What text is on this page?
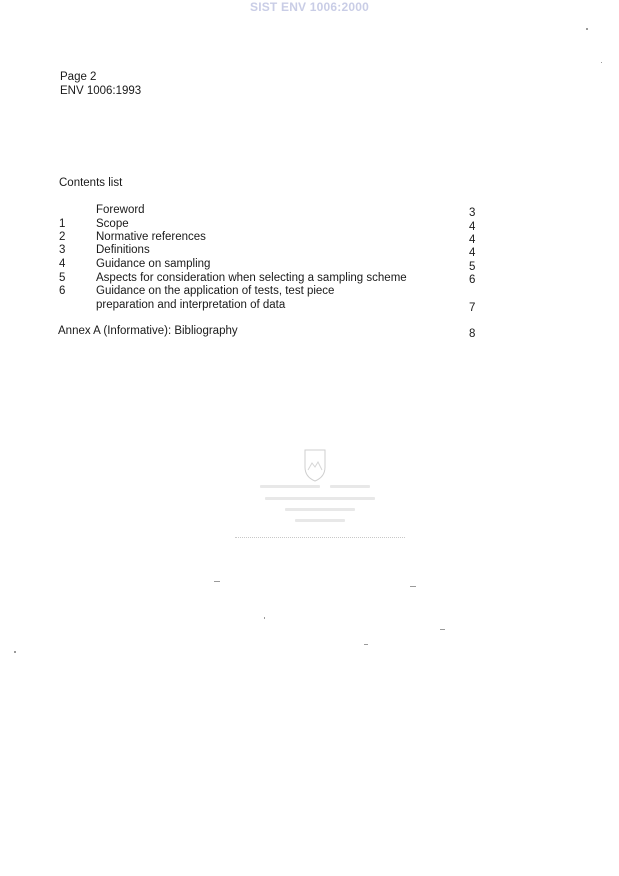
SIST ENV 1006:2000
Page 2
ENV 1006:1993
Contents list
Foreword	3
1	Scope	4
2	Normative references	4
3	Definitions	4
4	Guidance on sampling	5
5	Aspects for consideration when selecting a sampling scheme	6
6	Guidance on the application of tests, test piece
preparation and interpretation of data	7
Annex A (Informative): Bibliography	8
